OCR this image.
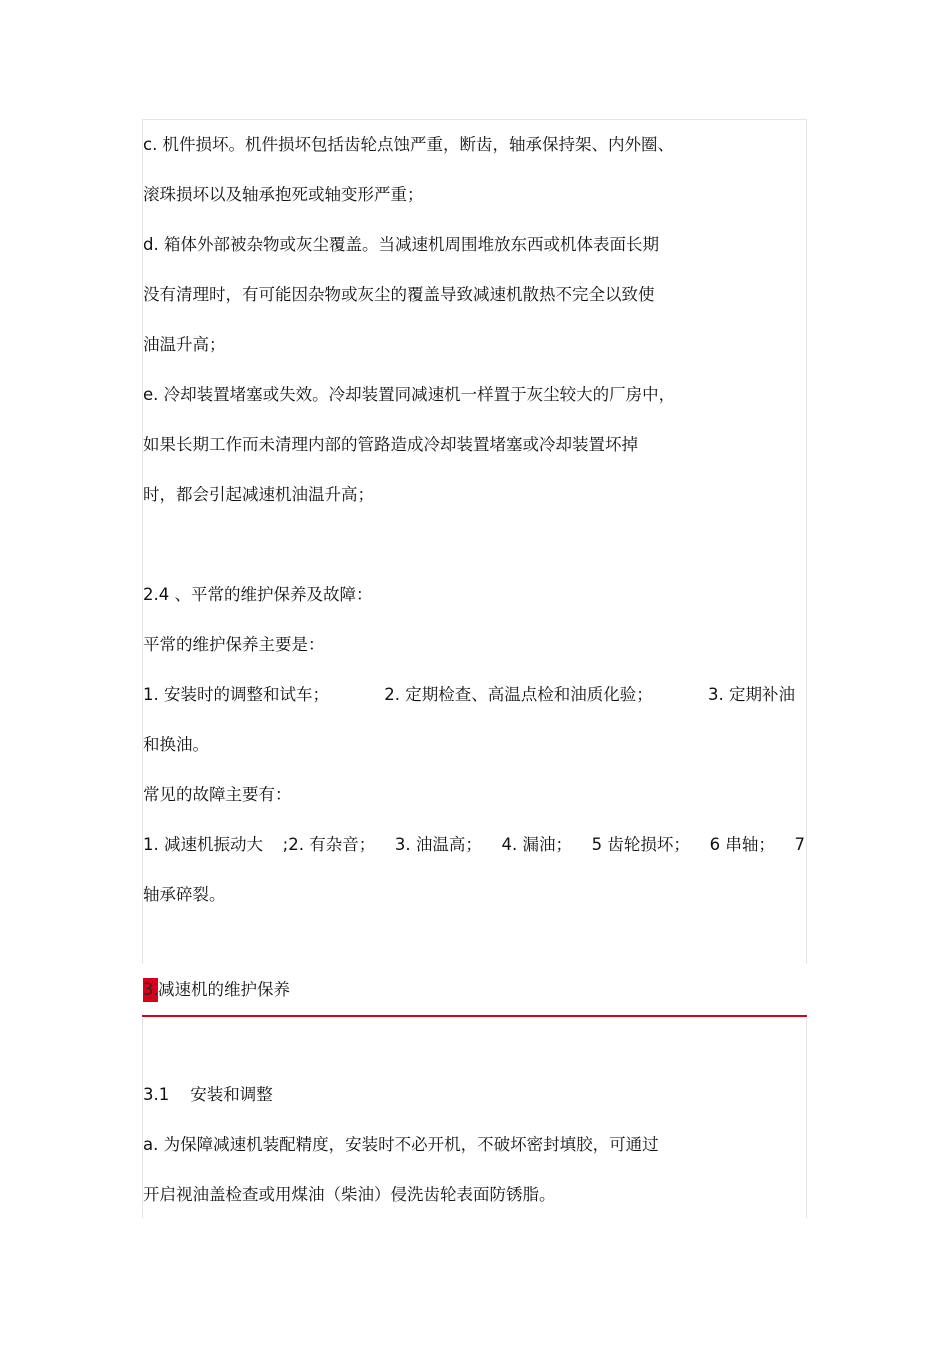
c. 机件损坏。机件损坏包括齿轮点蚀严重，断齿，轴承保持架、内外圈、
滚珠损坏以及轴承抱死或轴变形严重；
d. 箱体外部被杂物或灰尘覆盖。当减速机周围堆放东西或机体表面长期
没有清理时，有可能因杂物或灰尘的覆盖导致减速机散热不完全以致使
油温升高；
e. 冷却装置堵塞或失效。冷却装置同减速机一样置于灰尘较大的厂房中，
如果长期工作而未清理内部的管路造成冷却装置堵塞或冷却装置坏掉
时，都会引起减速机油温升高；
2.4 、平常的维护保养及故障：
平常的维护保养主要是：
1. 安装时的调整和试车；	2. 定期检查、高温点检和油质化验；	3. 定期补油
和换油。
常见的故障主要有：
1. 减速机振动大 ;2. 有杂音； 3. 油温高； 4. 漏油； 5 齿轮损坏； 6 串轴； 7
轴承碎裂。
3. 减速机的维护保养
3.1    安装和调整
a. 为保障减速机装配精度，安装时不必开机，不破坏密封填胶，可通过
开启视油盖检查或用煤油（柴油）侵洗齿轮表面防锈脂。
